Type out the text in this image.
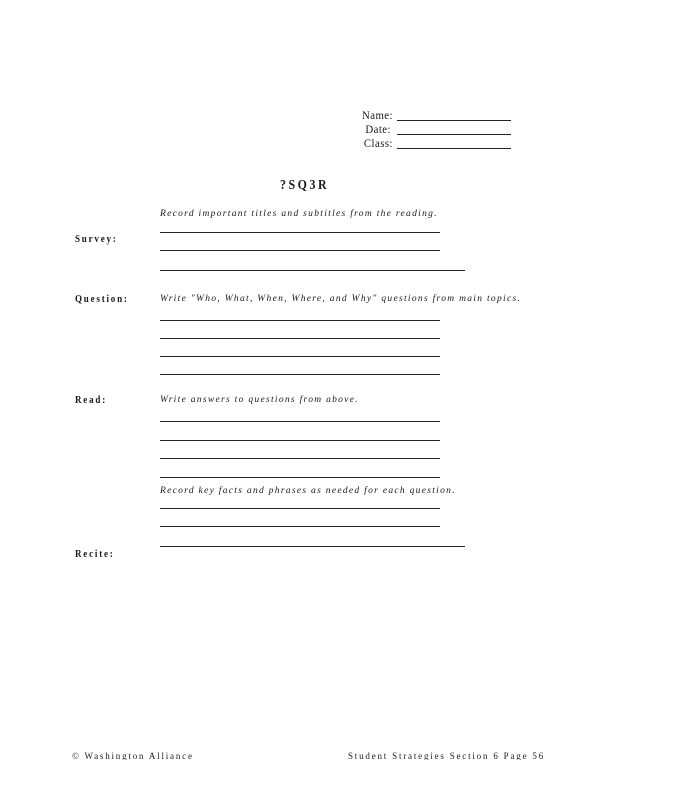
Name:
Date:
Class:
?SQ3R
Record important titles and subtitles from the reading.
Survey:
Question:	Write "Who, What, When, Where, and Why" questions from main topics.
Read:	Write answers to questions from above.
Record key facts and phrases as needed for each question.
Recite:
© Washington Alliance	Student Strategies Section 6 Page 56
